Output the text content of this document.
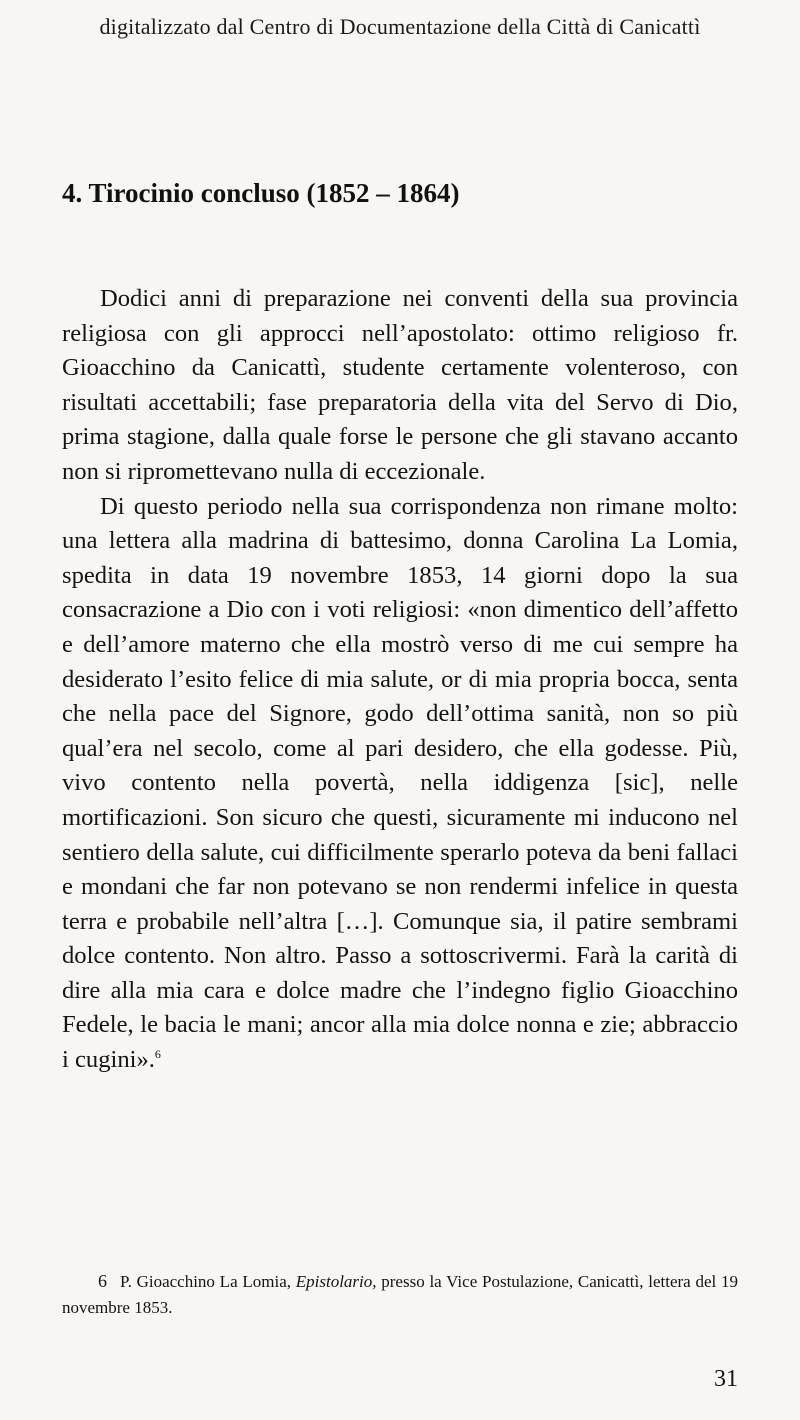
digitalizzato dal Centro di Documentazione della Città di Canicattì
4. Tirocinio concluso (1852 – 1864)

Dodici anni di preparazione nei conventi della sua provincia religiosa con gli approcci nell’apostolato: ottimo religioso fr. Gioacchino da Canicattì, studente certamente volenteroso, con risultati accettabili; fase preparatoria della vita del Servo di Dio, prima stagione, dalla quale forse le persone che gli stavano accanto non si ripromettevano nulla di eccezionale.

Di questo periodo nella sua corrispondenza non rimane molto: una lettera alla madrina di battesimo, donna Carolina La Lomia, spedita in data 19 novembre 1853, 14 giorni dopo la sua consacrazione a Dio con i voti religiosi: «non dimentico dell’affetto e dell’amore materno che ella mostrò verso di me cui sempre ha desiderato l’esito felice di mia salute, or di mia propria bocca, senta che nella pace del Signore, godo dell’ottima sanità, non so più qual’era nel secolo, come al pari desidero, che ella godesse. Più, vivo contento nella povertà, nella iddigenza [sic], nelle mortificazioni. Son sicuro che questi, sicuramente mi inducono nel sentiero della salute, cui difficilmente sperarlo poteva da beni fallaci e mondani che far non potevano se non rendermi infelice in questa terra e probabile nell’altra […]. Comunque sia, il patire sembrami dolce contento. Non altro. Passo a sottoscrivermi. Farà la carità di dire alla mia cara e dolce madre che l’indegno figlio Gioacchino Fedele, le bacia le mani; ancor alla mia dolce nonna e zie; abbraccio i cugini».$^6$

6 P. Gioacchino La Lomia, Epistolario, presso la Vice Postulazione, Canicattì, lettera del 19 novembre 1853.

31
